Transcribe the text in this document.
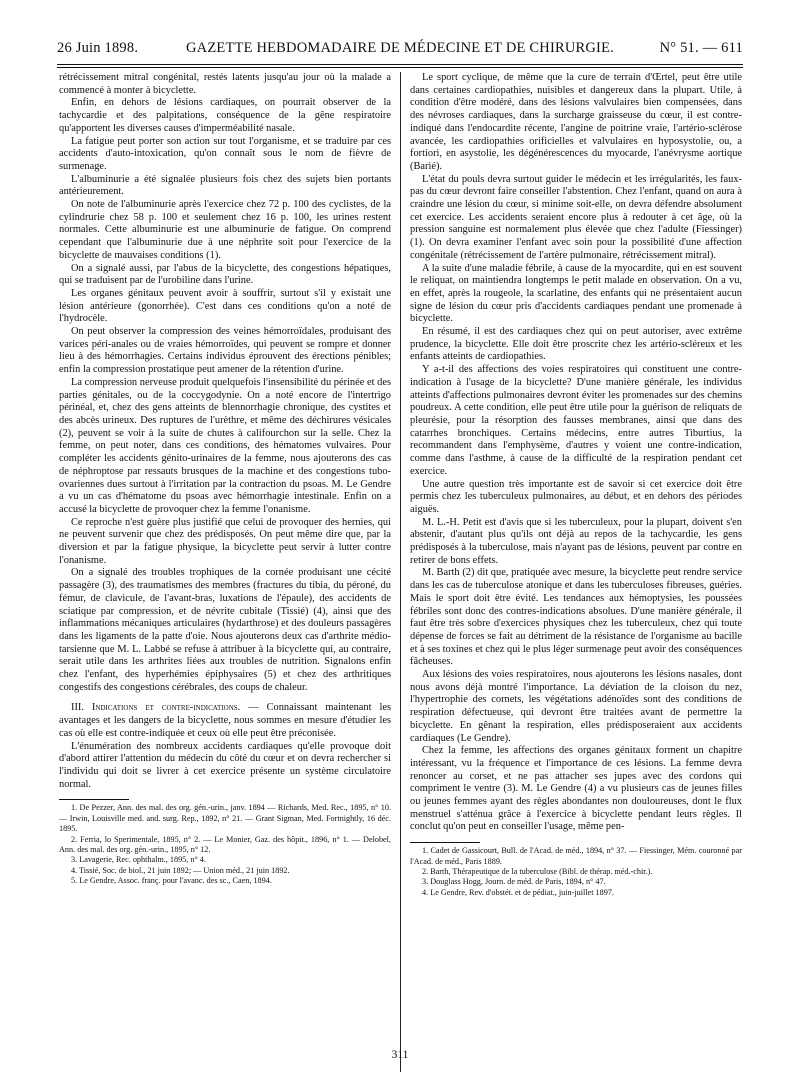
26 Juin 1898.	GAZETTE HEBDOMADAIRE DE MÉDECINE ET DE CHIRURGIE.	N° 51. — 611

rétrécissement mitral congénital, restés latents jusqu'au jour où la malade a commencé à monter à bicyclette.

Enfin, en dehors de lésions cardiaques, on pourrait observer de la tachycardie et des palpitations, conséquence de la gêne respiratoire qu'apportent les diverses causes d'imperméabilité nasale.

La fatigue peut porter son action sur tout l'organisme, et se traduire par ces accidents d'auto-intoxication, qu'on connaît sous le nom de fièvre de surmenage.

L'albuminurie a été signalée plusieurs fois chez des sujets bien portants antérieurement.

On note de l'albuminurie après l'exercice chez 72 p. 100 des cyclistes, de la cylindrurie chez 58 p. 100 et seulement chez 16 p. 100, les urines restent normales. Cette albuminurie est une albuminurie de fatigue. On comprend cependant que l'albuminurie due à une néphrite soit pour l'exercice de la bicyclette de mauvaises conditions (1).

On a signalé aussi, par l'abus de la bicyclette, des congestions hépatiques, qui se traduisent par de l'urobiline dans l'urine.

Les organes génitaux peuvent avoir à souffrir, surtout s'il y existait une lésion antérieure (gonorrhée). C'est dans ces conditions qu'on a noté de l'hydrocèle.

On peut observer la compression des veines hémorroïdales, produisant des varices péri-anales ou de vraies hémorroïdes, qui peuvent se rompre et donner lieu à des hémorrhagies. Certains individus éprouvent des érections pénibles; enfin la compression prostatique peut amener de la rétention d'urine.

La compression nerveuse produit quelquefois l'insensibilité du périnée et des parties génitales, ou de la coccygodynie. On a noté encore de l'intertrigo périnéal, et, chez des gens atteints de blennorrhagie chronique, des cystites et des abcès urineux. Des ruptures de l'urèthre, et même des déchirures vésicales (2), peuvent se voir à la suite de chutes à califourchon sur la selle. Chez la femme, on peut noter, dans ces conditions, des hématomes vulvaires. Pour compléter les accidents génito-urinaires de la femme, nous ajouterons des cas de néphroptose par ressauts brusques de la machine et des congestions tubo-ovariennes dues surtout à l'irritation par la contraction du psoas. M. Le Gendre a vu un cas d'hématome du psoas avec hémorrhagie intestinale. Enfin on a accusé la bicyclette de provoquer chez la femme l'onanisme.

Ce reproche n'est guère plus justifié que celui de provoquer des hernies, qui ne peuvent survenir que chez des prédisposés. On peut même dire que, par la diversion et par la fatigue physique, la bicyclette peut servir à lutter contre l'onanisme.

On a signalé des troubles trophiques de la cornée produisant une cécité passagère (3), des traumatismes des membres (fractures du tibia, du péroné, du fémur, de clavicule, de l'avant-bras, luxations de l'épaule), des accidents de sciatique par compression, et de névrite cubitale (Tissié) (4), ainsi que des inflammations mécaniques articulaires (hydarthrose) et des douleurs passagères dans les ligaments de la patte d'oie. Nous ajouterons deux cas d'arthrite médio-tarsienne que M. L. Labbé se refuse à attribuer à la bicyclette qui, au contraire, serait utile dans les arthrites liées aux troubles de nutrition. Signalons enfin chez l'enfant, des hyperhémies épiphysaires (5) et chez des arthritiques congestifs des congestions cérébrales, des coups de chaleur.

III. Indications et contre-indications. — Connaissant maintenant les avantages et les dangers de la bicyclette, nous sommes en mesure d'étudier les cas où elle est contre-indiquée et ceux où elle peut être préconisée.

L'énumération des nombreux accidents cardiaques qu'elle provoque doit d'abord attirer l'attention du médecin du côté du cœur et on devra rechercher si l'individu qui doit se livrer à cet exercice présente un système circulatoire normal.

1. De Pezzer, Ann. des mal. des org. gén.-urin., janv. 1894 — Richards, Med. Rec., 1895, n° 10. — Irwin, Louisville med. and. surg. Rep., 1892, n° 21. — Grant Sigman, Med. Fortnightly, 16 déc. 1895.

2. Ferria, lo Sperimentale, 1895, n° 2. — Le Monier, Gaz. des hôpit., 1896, n° 1. — Delobel, Ann. des mal. des org. gén.-urin., 1895, n° 12.

3. Lavagerie, Rec. ophthalm., 1895, n° 4.

4. Tissié, Soc. de biol., 21 juin 1892; — Union méd., 21 juin 1892.

5. Le Gendre, Assoc. franç. pour l'avanc. des sc., Caen, 1894.

Le sport cyclique, de même que la cure de terrain d'Œrtel, peut être utile dans certaines cardiopathies, nuisibles et dangereux dans la plupart. Utile, à condition d'être modéré, dans des lésions valvulaires bien compensées, dans des névroses cardiaques, dans la surcharge graisseuse du cœur, il est contre-indiqué dans l'endocardite récente, l'angine de poitrine vraie, l'artério-sclérose avancée, les cardiopathies orificielles et valvulaires en hyposystolie, ou, a fortiori, en asystolie, les dégénérescences du myocarde, l'anévrysme aortique (Barié).

L'état du pouls devra surtout guider le médecin et les irrégularités, les faux-pas du cœur devront faire conseiller l'abstention. Chez l'enfant, quand on aura à craindre une lésion du cœur, si minime soit-elle, on devra défendre absolument cet exercice. Les accidents seraient encore plus à redouter à cet âge, où la pression sanguine est normalement plus élevée que chez l'adulte (Fiessinger) (1). On devra examiner l'enfant avec soin pour la possibilité d'une affection congénitale (rétrécissement de l'artère pulmonaire, rétrécissement mitral).

A la suite d'une maladie fébrile, à cause de la myocardite, qui en est souvent le reliquat, on maintiendra longtemps le petit malade en observation. On a vu, en effet, après la rougeole, la scarlatine, des enfants qui ne présentaient aucun signe de lésion du cœur pris d'accidents cardiaques pendant une promenade à bicyclette.

En résumé, il est des cardiaques chez qui on peut autoriser, avec extrême prudence, la bicyclette. Elle doit être proscrite chez les artério-scléreux et les enfants atteints de cardiopathies.

Y a-t-il des affections des voies respiratoires qui constituent une contre-indication à l'usage de la bicyclette? D'une manière générale, les individus atteints d'affections pulmonaires devront éviter les promenades sur des chemins poudreux. A cette condition, elle peut être utile pour la guérison de reliquats de pleurésie, pour la résorption des fausses membranes, ainsi que dans des catarrhes bronchiques. Certains médecins, entre autres Tiburtius, la recommandent dans l'emphysème, d'autres y voient une contre-indication, comme dans l'asthme, à cause de la difficulté de la respiration pendant cet exercice.

Une autre question très importante est de savoir si cet exercice doit être permis chez les tuberculeux pulmonaires, au début, et en dehors des périodes aiguës.

M. L.-H. Petit est d'avis que si les tuberculeux, pour la plupart, doivent s'en abstenir, d'autant plus qu'ils ont déjà au repos de la tachycardie, les gens prédisposés à la tuberculose, mais n'ayant pas de lésions, peuvent par contre en retirer de bons effets.

M. Barth (2) dit que, pratiquée avec mesure, la bicyclette peut rendre service dans les cas de tuberculose atonique et dans les tuberculoses fibreuses, guéries. Mais le sport doit être évité. Les tendances aux hémoptysies, les poussées fébriles sont donc des contres-indications absolues. D'une manière générale, il faut être très sobre d'exercices physiques chez les tuberculeux, chez qui toute dépense de forces se fait au détriment de la résistance de l'organisme au bacille et à ses toxines et chez qui le plus léger surmenage peut avoir des conséquences fâcheuses.

Aux lésions des voies respiratoires, nous ajouterons les lésions nasales, dont nous avons déjà montré l'importance. La déviation de la cloison du nez, l'hypertrophie des cornets, les végétations adénoïdes sont des conditions de respiration défectueuse, qui devront être traitées avant de permettre la bicyclette. En gênant la respiration, elles prédisposeraient aux accidents cardiaques (Le Gendre).

Chez la femme, les affections des organes génitaux forment un chapitre intéressant, vu la fréquence et l'importance de ces lésions. La femme devra renoncer au corset, et ne pas attacher ses jupes avec des cordons qui compriment le ventre (3). M. Le Gendre (4) a vu plusieurs cas de jeunes filles ou jeunes femmes ayant des règles abondantes non douloureuses, dont le flux menstruel s'atténua grâce à l'exercice à bicyclette pendant leurs règles. Il conclut qu'on peut en conseiller l'usage, même pen-

1. Cadet de Gassicourt, Bull. de l'Acad. de méd., 1894, n° 37. — Fiessinger, Mém. couronné par l'Acad. de méd., Paris 1889.

2. Barth, Thérapeutique de la tuberculose (Bibl. de thérap. méd.-chir.).

3. Douglass Hogg, Journ. de méd. de Paris, 1894, n° 47.

4. Le Gendre, Rev. d'obstét. et de pédiat., juin-juillet 1897.

311
